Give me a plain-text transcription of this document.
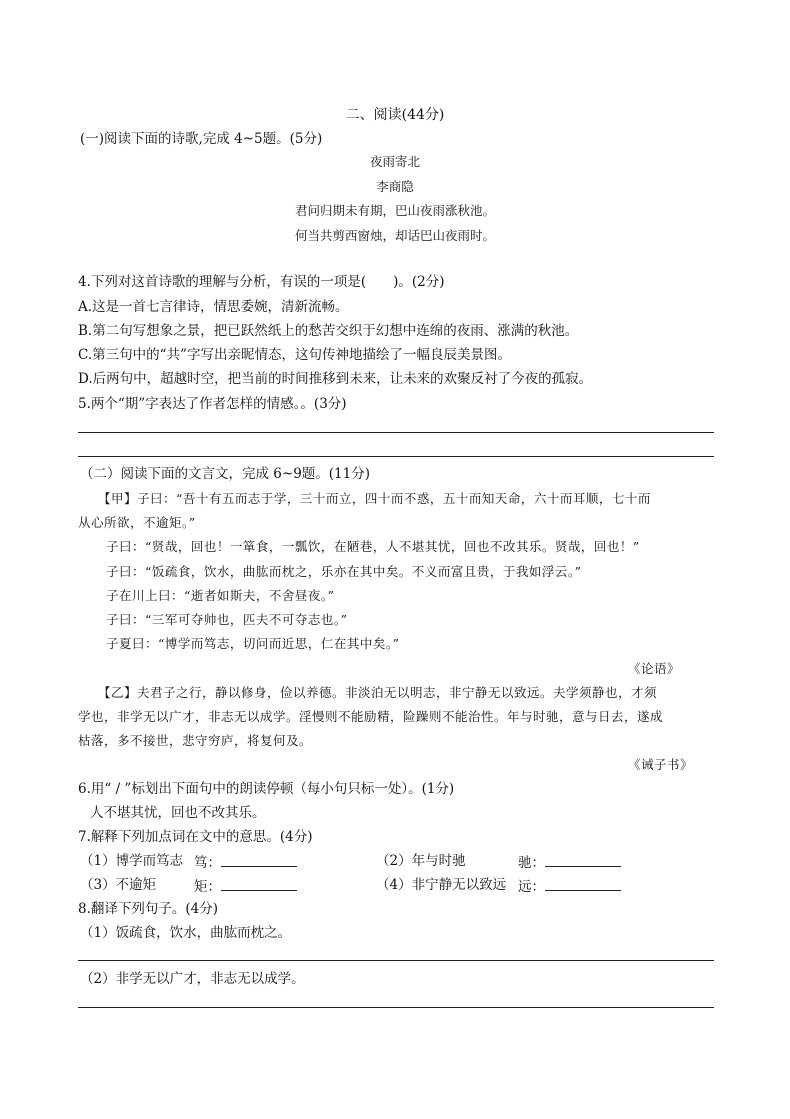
二、阅读(44分)
(一)阅读下面的诗歌,完成 4~5题。(5分)
夜雨寄北
李商隐
君问归期未有期，巴山夜雨涨秋池。
何当共剪西窗烛，却话巴山夜雨时。
4.下列对这首诗歌的理解与分析，有误的一项是(　　)。(2分)
A.这是一首七言律诗，情思委婉，清新流畅。
B.第二句写想象之景，把已跃然纸上的愁苦交织于幻想中连绵的夜雨、涨满的秋池。
C.第三句中的“共”字写出亲昵情态，这句传神地描绘了一幅良辰美景图。
D.后两句中，超越时空，把当前的时间推移到未来，让未来的欢聚反衬了今夜的孤寂。
5.两个“期”字表达了作者怎样的情感。。(3分)
（二）阅读下面的文言文，完成 6~9题。(11分)
【甲】子曰：“吾十有五而志于学，三十而立，四十而不惑，五十而知天命，六十而耳顺，七十而
从心所欲，不逾矩。”
子曰：“贤哉，回也！一箪食，一瓢饮，在陋巷，人不堪其忧，回也不改其乐。贤哉，回也！”
子曰：“饭疏食，饮水，曲肱而枕之，乐亦在其中矣。不义而富且贵，于我如浮云。”
子在川上曰：“逝者如斯夫，不舍昼夜。”
子曰：“三军可夺帅也，匹夫不可夺志也。”
子夏曰：“博学而笃志，切问而近思，仁在其中矣。”
《论语》
【乙】夫君子之行，静以修身，俭以养德。非淡泊无以明志，非宁静无以致远。夫学须静也，才须
学也，非学无以广才，非志无以成学。淫慢则不能励精，险躁则不能治性。年与时驰，意与日去，遂成
枯落，多不接世，悲守穷庐，将复何及。
《诫子书》
6.用“ / ”标划出下面句中的朗读停顿（每小句只标一处）。(1分)
人不堪其忧，回也不改其乐。
7.解释下列加点词在文中的意思。(4分)
（1）博学而笃志 笃：	（2）年与时驰	驰：
（3）不逾矩	矩：	（4）非宁静无以致远 远：
8.翻译下列句子。(4分)
（1）饭疏食，饮水，曲肱而枕之。
（2）非学无以广才，非志无以成学。
